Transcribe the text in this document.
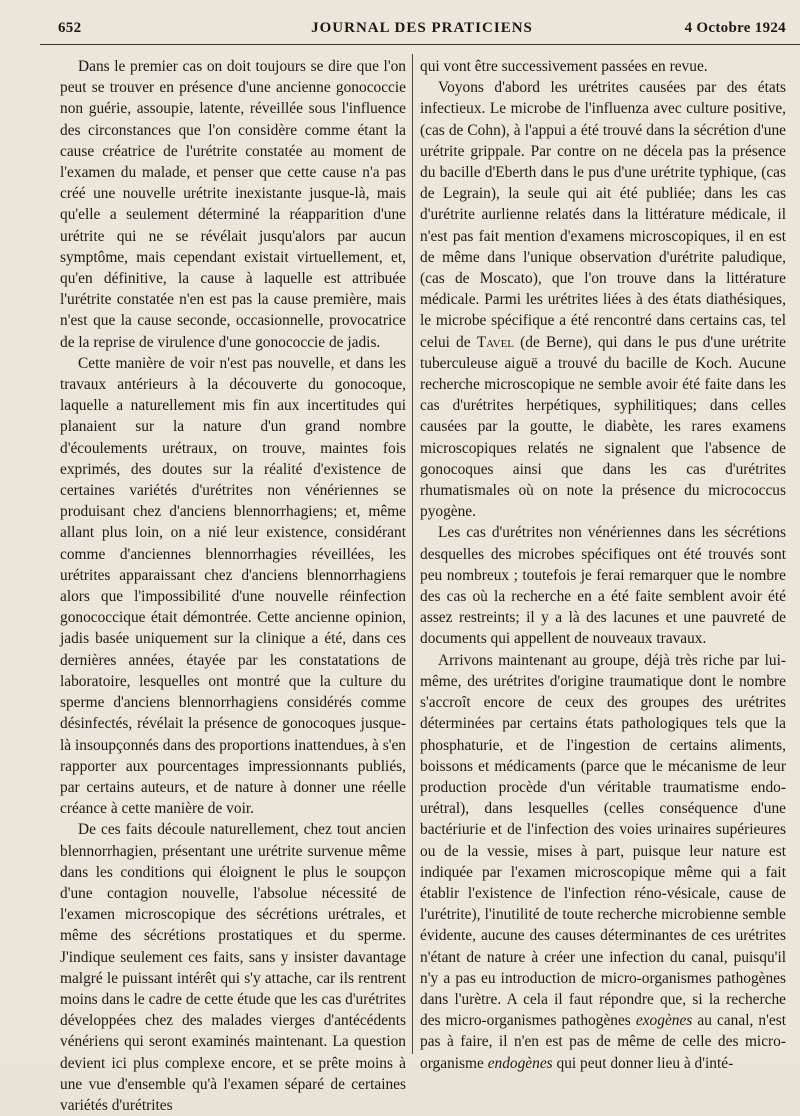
652	JOURNAL DES PRATICIENS	4 Octobre 1924

Dans le premier cas on doit toujours se dire que l'on peut se trouver en présence d'une ancienne gonococcie non guérie, assoupie, latente, réveillée sous l'influence des circonstances que l'on considère comme étant la cause créatrice de l'urétrite constatée au moment de l'examen du malade, et penser que cette cause n'a pas créé une nouvelle urétrite inexistante jusque-là, mais qu'elle a seulement déterminé la réapparition d'une urétrite qui ne se révélait jusqu'alors par aucun symptôme, mais cependant existait virtuellement, et, qu'en définitive, la cause à laquelle est attribuée l'urétrite constatée n'en est pas la cause première, mais n'est que la cause seconde, occasionnelle, provocatrice de la reprise de virulence d'une gonococcie de jadis.

Cette manière de voir n'est pas nouvelle, et dans les travaux antérieurs à la découverte du gonocoque, laquelle a naturellement mis fin aux incertitudes qui planaient sur la nature d'un grand nombre d'écoulements urétraux, on trouve, maintes fois exprimés, des doutes sur la réalité d'existence de certaines variétés d'urétrites non vénériennes se produisant chez d'anciens blennorrhagiens; et, même allant plus loin, on a nié leur existence, considérant comme d'anciennes blennorrhagies réveillées, les urétrites apparaissant chez d'anciens blennorrhagiens alors que l'impossibilité d'une nouvelle réinfection gonococcique était démontrée. Cette ancienne opinion, jadis basée uniquement sur la clinique a été, dans ces dernières années, étayée par les constatations de laboratoire, lesquelles ont montré que la culture du sperme d'anciens blennorrhagiens considérés comme désinfectés, révélait la présence de gonocoques jusque-là insoupçonnés dans des proportions inattendues, à s'en rapporter aux pourcentages impressionnants publiés, par certains auteurs, et de nature à donner une réelle créance à cette manière de voir.

De ces faits découle naturellement, chez tout ancien blennorrhagien, présentant une urétrite survenue même dans les conditions qui éloignent le plus le soupçon d'une contagion nouvelle, l'absolue nécessité de l'examen microscopique des sécrétions urétrales, et même des sécrétions prostatiques et du sperme. J'indique seulement ces faits, sans y insister davantage malgré le puissant intérêt qui s'y attache, car ils rentrent moins dans le cadre de cette étude que les cas d'urétrites développées chez des malades vierges d'antécédents vénériens qui seront examinés maintenant. La question devient ici plus complexe encore, et se prête moins à une vue d'ensemble qu'à l'examen séparé de certaines variétés d'urétrites

qui vont être successivement passées en revue.

Voyons d'abord les urétrites causées par des états infectieux. Le microbe de l'influenza avec culture positive, (cas de Cohn), à l'appui a été trouvé dans la sécrétion d'une urétrite grippale. Par contre on ne décela pas la présence du bacille d'Eberth dans le pus d'une urétrite typhique, (cas de Legrain), la seule qui ait été publiée; dans les cas d'urétrite aurlienne relatés dans la littérature médicale, il n'est pas fait mention d'examens microscopiques, il en est de même dans l'unique observation d'urétrite paludique, (cas de Moscato), que l'on trouve dans la littérature médicale. Parmi les urétrites liées à des états diathésiques, le microbe spécifique a été rencontré dans certains cas, tel celui de Tavel (de Berne), qui dans le pus d'une urétrite tuberculeuse aiguë a trouvé du bacille de Koch. Aucune recherche microscopique ne semble avoir été faite dans les cas d'urétrites herpétiques, syphilitiques; dans celles causées par la goutte, le diabète, les rares examens microscopiques relatés ne signalent que l'absence de gonocoques ainsi que dans les cas d'urétrites rhumatismales où on note la présence du micrococcus pyogène.

Les cas d'urétrites non vénériennes dans les sécrétions desquelles des microbes spécifiques ont été trouvés sont peu nombreux ; toutefois je ferai remarquer que le nombre des cas où la recherche en a été faite semblent avoir été assez restreints; il y a là des lacunes et une pauvreté de documents qui appellent de nouveaux travaux.

Arrivons maintenant au groupe, déjà très riche par lui-même, des urétrites d'origine traumatique dont le nombre s'accroît encore de ceux des groupes des urétrites déterminées par certains états pathologiques tels que la phosphaturie, et de l'ingestion de certains aliments, boissons et médicaments (parce que le mécanisme de leur production procède d'un véritable traumatisme endo-urétral), dans lesquelles (celles conséquence d'une bactériurie et de l'infection des voies urinaires supérieures ou de la vessie, mises à part, puisque leur nature est indiquée par l'examen microscopique même qui a fait établir l'existence de l'infection réno-vésicale, cause de l'urétrite), l'inutilité de toute recherche microbienne semble évidente, aucune des causes déterminantes de ces urétrites n'étant de nature à créer une infection du canal, puisqu'il n'y a pas eu introduction de micro-organismes pathogènes dans l'urètre. A cela il faut répondre que, si la recherche des micro-organismes pathogènes exogènes au canal, n'est pas à faire, il n'en est pas de même de celle des micro-organisme endogènes qui peut donner lieu à d'inté-
